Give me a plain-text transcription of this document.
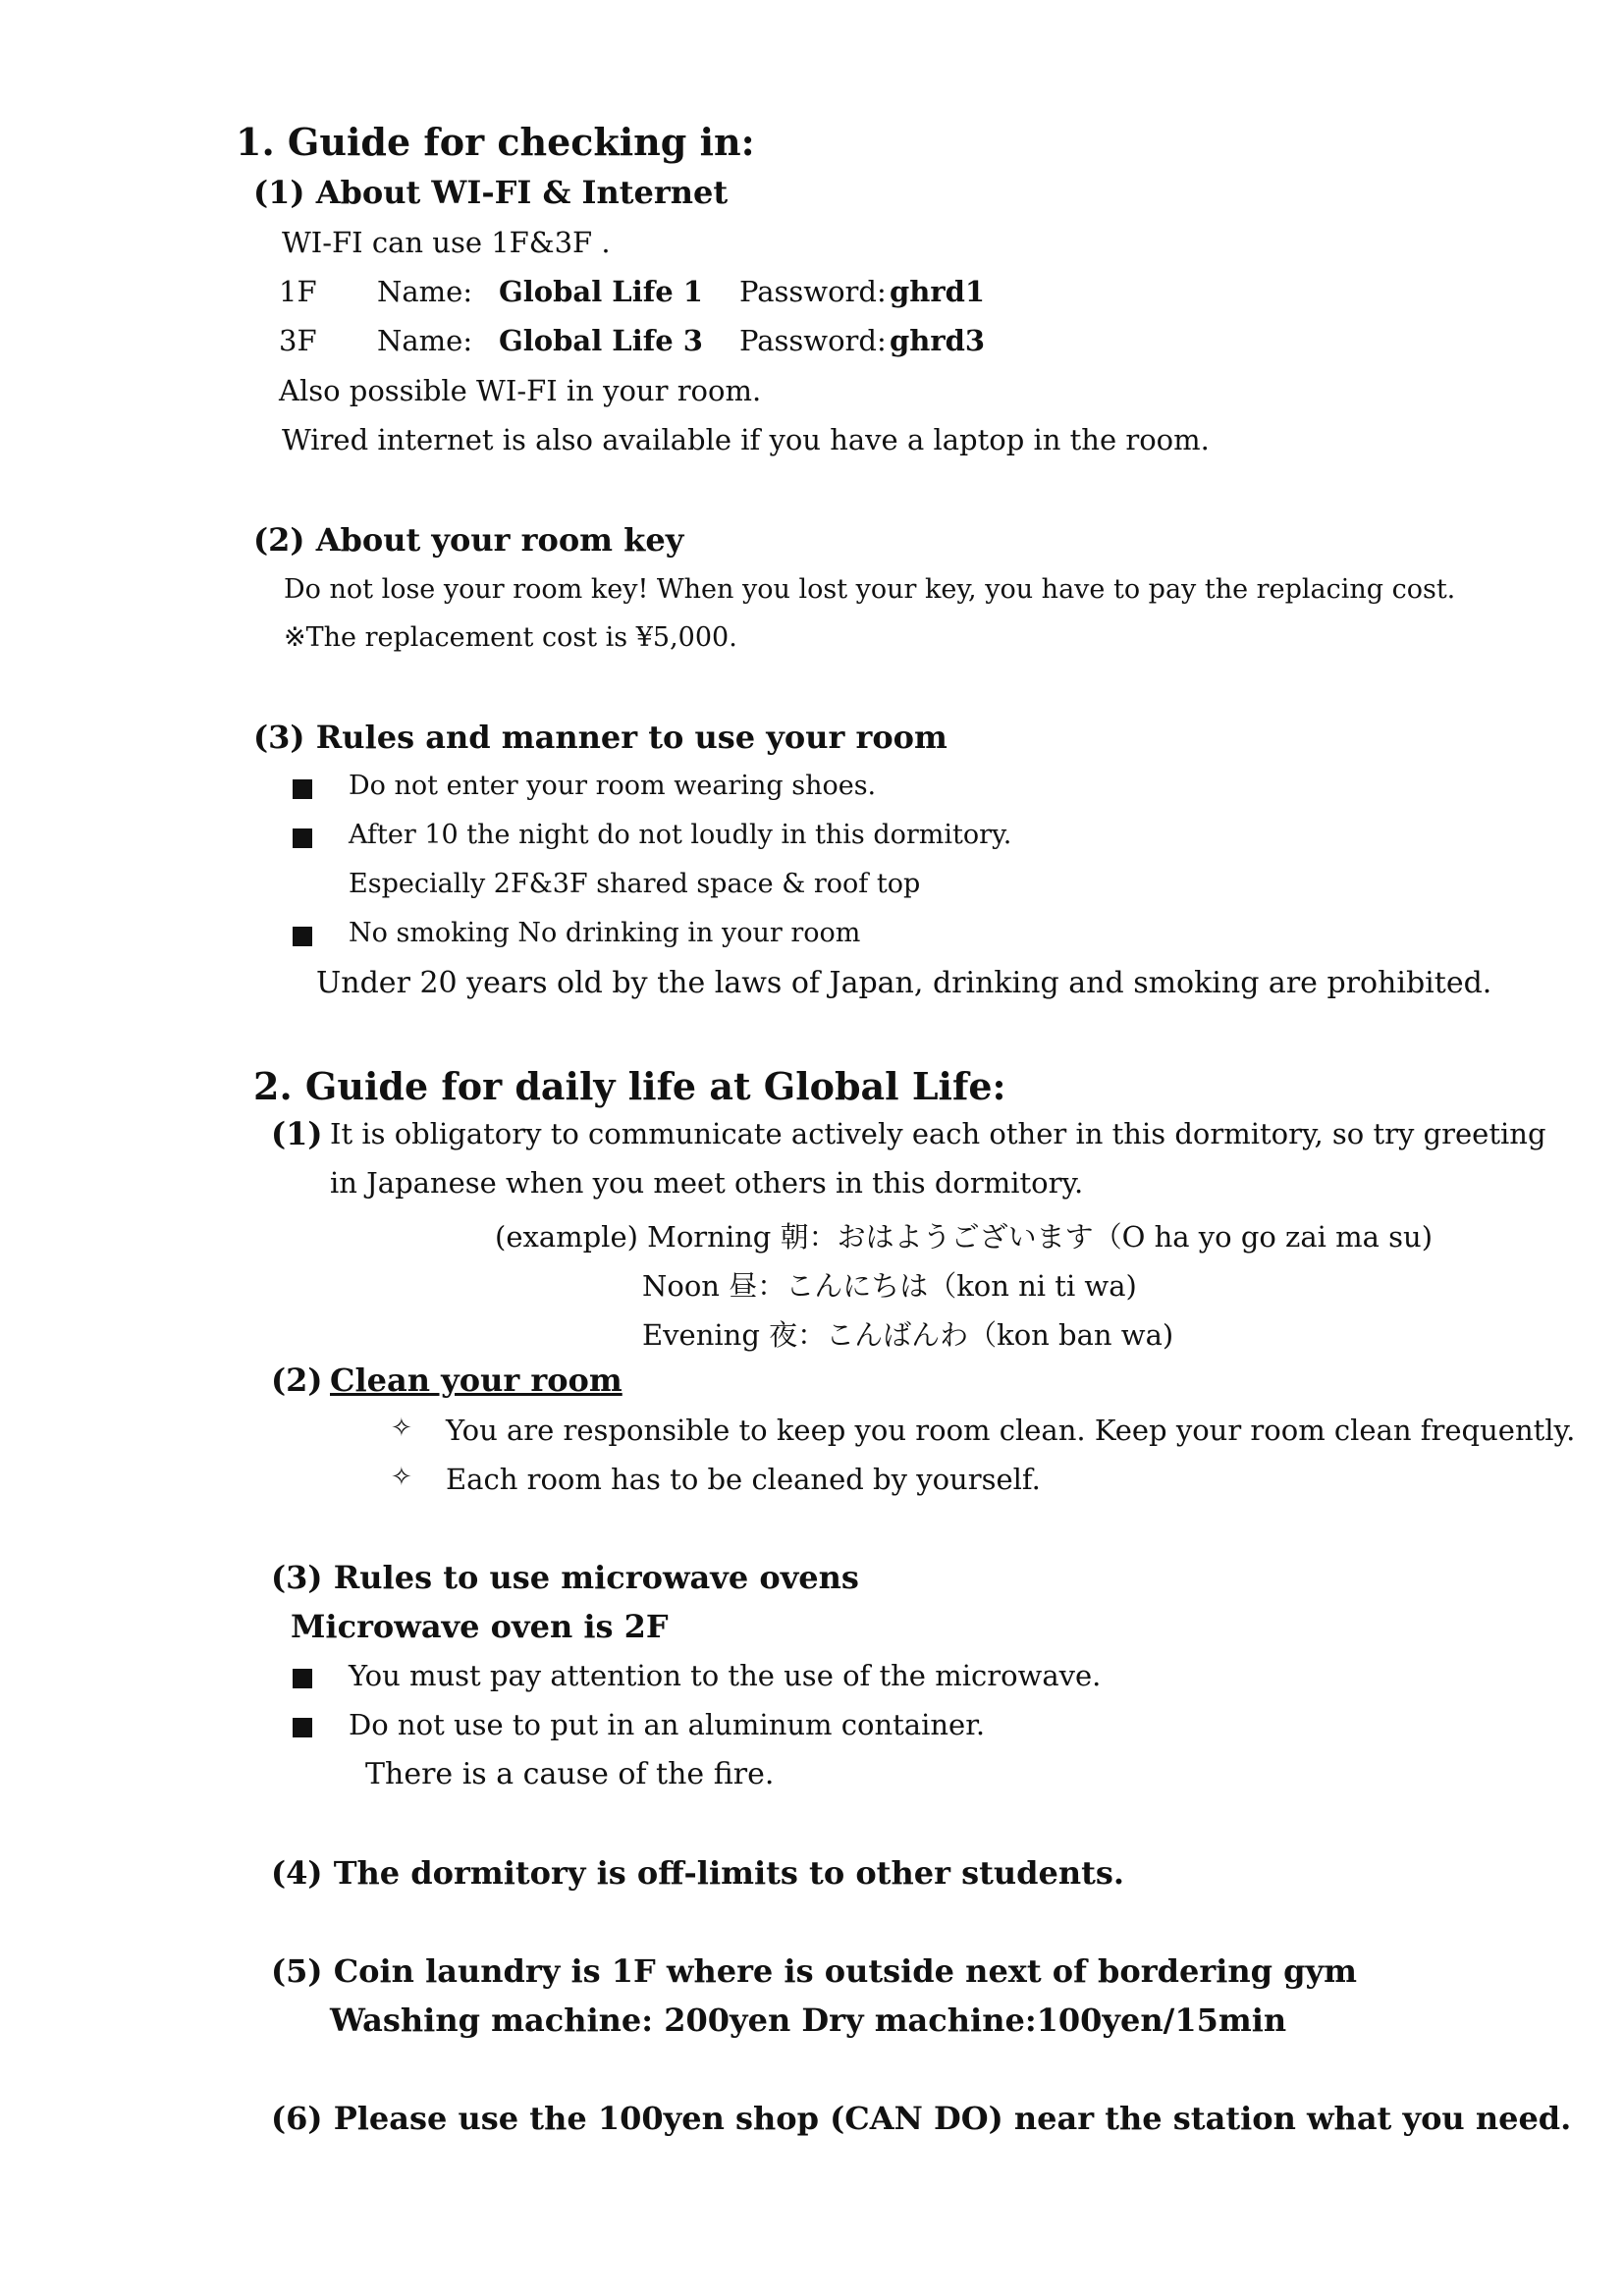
1. Guide for checking in:
(1) About WI-FI & Internet
WI-FI can use 1F&3F .
1F Name: Global Life 1 Password: ghrd1
3F Name: Global Life 3 Password: ghrd3
Also possible WI-FI in your room.
Wired internet is also available if you have a laptop in the room.
(2) About your room key
Do not lose your room key! When you lost your key, you have to pay the replacing cost.
※The replacement cost is ¥5,000.
(3) Rules and manner to use your room
Do not enter your room wearing shoes.
After 10 the night do not loudly in this dormitory.
Especially 2F&3F shared space & roof top
No smoking No drinking in your room
Under 20 years old by the laws of Japan, drinking and smoking are prohibited.
2. Guide for daily life at Global Life:
(1) It is obligatory to communicate actively each other in this dormitory, so try greeting
in Japanese when you meet others in this dormitory.
(example) Morning 朝：おはようございます（O ha yo go zai ma su)
Noon 昼：こんにちは（kon ni ti wa)
Evening 夜：こんばんわ（kon ban wa)
(2) Clean your room
✧ You are responsible to keep you room clean. Keep your room clean frequently.
✧ Each room has to be cleaned by yourself.
(3) Rules to use microwave ovens
Microwave oven is 2F
You must pay attention to the use of the microwave.
Do not use to put in an aluminum container.
There is a cause of the fire.
(4) The dormitory is off-limits to other students.
(5) Coin laundry is 1F where is outside next of bordering gym
Washing machine: 200yen Dry machine:100yen/15min
(6) Please use the 100yen shop (CAN DO) near the station what you need.
